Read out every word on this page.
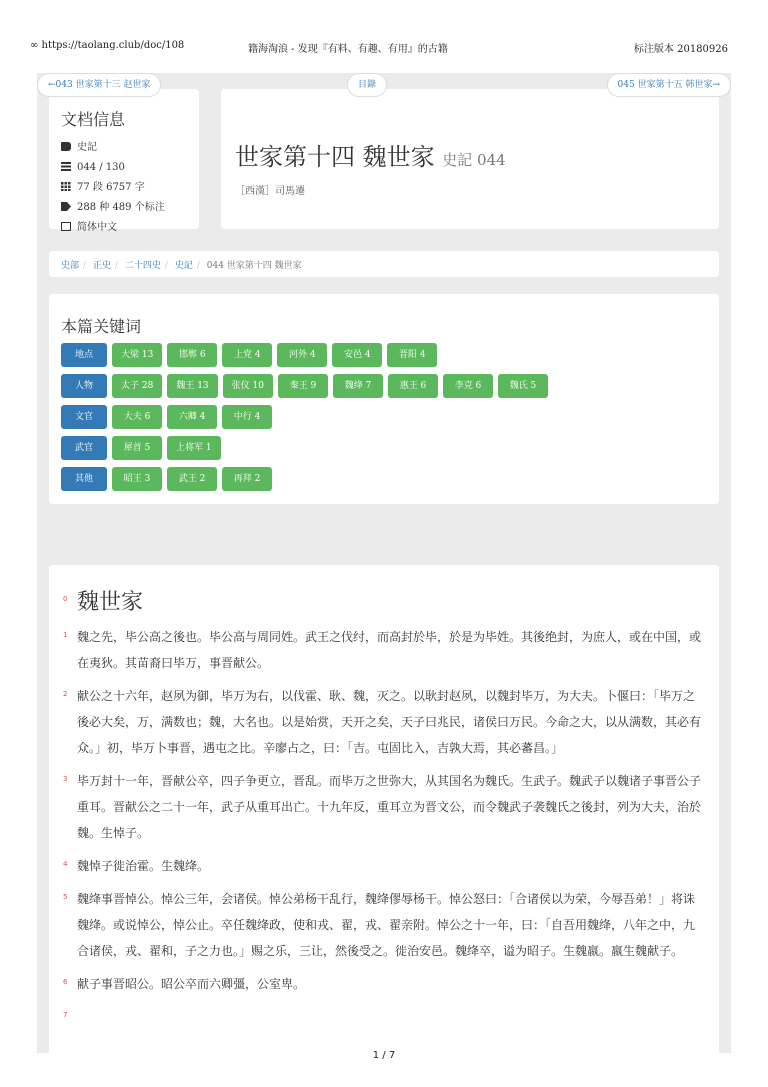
∞ https://taolang.club/doc/108	籍海淘浪 - 发现『有料、有趣、有用』的古籍	标注版本 20180926
文档信息
史記
044 / 130
77 段 6757 字
288 种 489 个标注
简体中文
世家第十四 魏世家 史記 044
［西漢］司馬遷
史部 / 正史 / 二十四史 / 史記 / 044 世家第十四 魏世家
本篇关键词
地点	大梁 13	邯郸 6	上党 4	河外 4	安邑 4	晋阳 4
人物	太子 28	魏王 13	张仪 10	秦王 9	魏绛 7	惠王 6	李克 6	魏氏 5
文官	大夫 6	六卿 4	中行 4
武官	犀首 5	上将军 1
其他	昭王 3	武王 2	再拜 2
←043 世家第十三 赵世家	目錄	045 世家第十五 韩世家→
0 魏世家
1 魏之先，毕公高之後也。毕公高与周同姓。武王之伐纣，而高封於毕，於是为毕姓。其後绝封，为庶人，或在中国，或在夷狄。其苗裔曰毕万，事晋献公。
2 献公之十六年，赵夙为御，毕万为右，以伐霍、耿、魏，灭之。以耿封赵夙，以魏封毕万，为大夫。卜偃曰：「毕万之後必大矣，万，满数也；魏，大名也。以是始赏，天开之矣，天子曰兆民，诸侯曰万民。今命之大，以从满数，其必有众。」初，毕万卜事晋，遇屯之比。辛廖占之，曰：「吉。屯固比入，吉孰大焉，其必蕃昌。」
3 毕万封十一年，晋献公卒，四子争更立，晋乱。而毕万之世弥大，从其国名为魏氏。生武子。魏武子以魏诸子事晋公子重耳。晋献公之二十一年，武子从重耳出亡。十九年反，重耳立为晋文公，而令魏武子袭魏氏之後封，列为大夫，治於魏。生悼子。
4 魏悼子徙治霍。生魏绛。
5 魏绛事晋悼公。悼公三年，会诸侯。悼公弟杨干乱行，魏绛僇辱杨干。悼公怒曰：「合诸侯以为荣，今辱吾弟！」将诛魏绛。或说悼公，悼公止。卒任魏绛政，使和戎、翟，戎、翟亲附。悼公之十一年，曰：「自吾用魏绛，八年之中，九合诸侯，戎、翟和，子之力也。」赐之乐，三让，然後受之。徙治安邑。魏绛卒，谥为昭子。生魏嬴。嬴生魏献子。
6 献子事晋昭公。昭公卒而六卿彊，公室卑。
7
1 / 7
